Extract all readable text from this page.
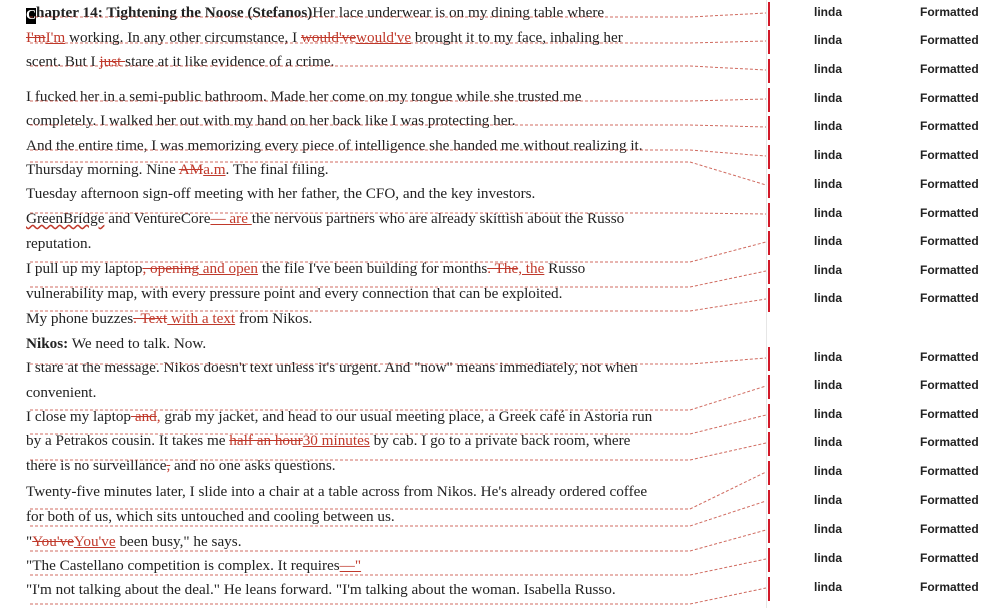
Chapter 14: Tightening the Noose (Stefanos)Her lace underwear is on my dining table where
I'mI'm working. In any other circumstance, I would'vewould've brought it to my face, inhaling her
scent. But I just stare at it like evidence of a crime.
I fucked her in a semi-public bathroom. Made her come on my tongue while she trusted me
completely. I walked her out with my hand on her back like I was protecting her.
And the entire time, I was memorizing every piece of intelligence she handed me without realizing it.
Thursday morning. Nine AMa.m. The final filing.
Tuesday afternoon sign-off meeting with her father, the CFO, and the key investors.
GreenBridge and VentureCore— are the nervous partners who are already skittish about the Russo
reputation.
I pull up my laptop, opening and open the file I've been building for months. The, the Russo
vulnerability map, with every pressure point and every connection that can be exploited.
My phone buzzes. Text with a text from Nikos.
Nikos: We need to talk. Now.
I stare at the message. Nikos doesn't text unless it's urgent. And "now" means immediately, not when
convenient.
I close my laptop and, grab my jacket, and head to our usual meeting place, a Greek café in Astoria run
by a Petrakos cousin. It takes me half an hour30 minutes by cab. I go to a private back room, where
there is no surveillance, and no one asks questions.
Twenty-five minutes later, I slide into a chair at a table across from Nikos. He's already ordered coffee
for both of us, which sits untouched and cooling between us.
"You'veYou've been busy," he says.
"The Castellano competition is complex. It requires—"
"I'm not talking about the deal." He leans forward. "I'm talking about the woman. Isabella Russo.
linda	Formatted
linda	Formatted
linda	Formatted
linda	Formatted
linda	Formatted
linda	Formatted
linda	Formatted
linda	Formatted
linda	Formatted
linda	Formatted
linda	Formatted
linda	Formatted
linda	Formatted
linda	Formatted
linda	Formatted
linda	Formatted
linda	Formatted
linda	Formatted
linda	Formatted
linda	Formatted
